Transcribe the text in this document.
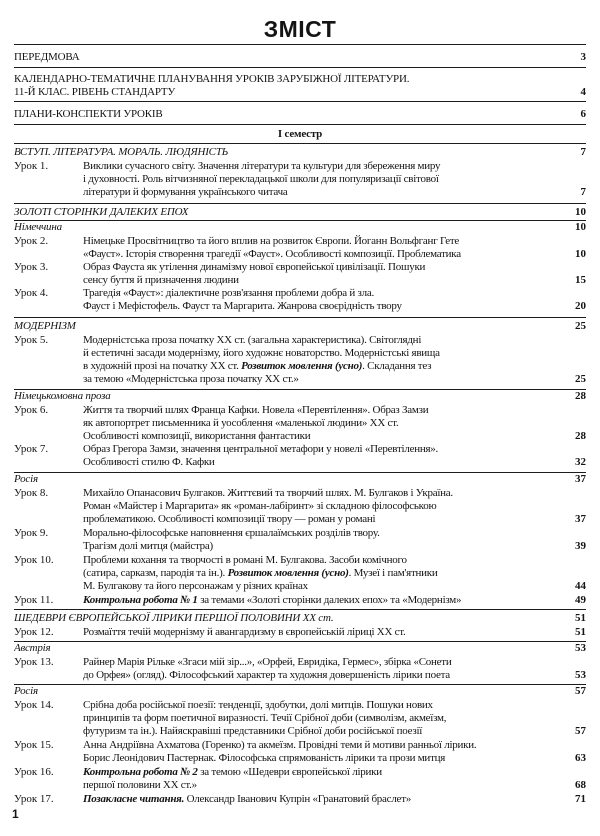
ЗМІСТ
ПЕРЕДМОВА	3
КАЛЕНДАРНО-ТЕМАТИЧНЕ ПЛАНУВАННЯ УРОКІВ ЗАРУБІЖНОЇ ЛІТЕРАТУРИ.
11-Й КЛАС. РІВЕНЬ СТАНДАРТУ	4
ПЛАНИ-КОНСПЕКТИ УРОКІВ	6
I семестр
ВСТУП. ЛІТЕРАТУРА. МОРАЛЬ. ЛЮДЯНІСТЬ	7
Урок 1.	Виклики сучасного світу. Значення літератури та культури для збереження миру
і духовності. Роль вітчизняної перекладацької школи для популяризації світової
літератури й формування українського читача	7
ЗОЛОТІ СТОРІНКИ ДАЛЕКИХ ЕПОХ	10
Німеччина	10
Урок 2.	Німецьке Просвітництво та його вплив на розвиток Європи. Йоганн Вольфганг Гете
«Фауст». Історія створення трагедії «Фауст». Особливості композиції. Проблематика	10
Урок 3.	Образ Фауста як утілення динамізму нової європейської цивілізації. Пошуки
сенсу буття й призначення людини	15
Урок 4.	Трагедія «Фауст»: діалектичне розв'язання проблеми добра й зла.
Фауст і Мефістофель. Фауст та Маргарита. Жанрова своєрідність твору	20
МОДЕРНІЗМ	25
Урок 5.	Модерністська проза початку XX ст. (загальна характеристика). Світоглядні
й естетичні засади модернізму, його художнє новаторство. Модерністські явища
в художній прозі на початку XX ст. Розвиток мовлення (усно). Складання тез
за темою «Модерністська проза початку XX ст.»	25
Німецькомовна проза	28
Урок 6.	Життя та творчий шлях Франца Кафки. Новела «Перевтілення». Образ Замзи
як автопортрет письменника й уособлення «маленької людини» XX ст.
Особливості композиції, використання фантастики	28
Урок 7.	Образ Грегора Замзи, значення центральної метафори у новелі «Перевтілення».
Особливості стилю Ф. Кафки	32
Росія	37
Урок 8.	Михайло Опанасович Булгаков. Життєвий та творчий шлях. М. Булгаков і Україна.
Роман «Майстер і Маргарита» як «роман-лабіринт» зі складною філософською
проблематикою. Особливості композиції твору — роман у романі	37
Урок 9.	Морально-філософське наповнення єршалаїмських розділів твору.
Трагізм долі митця (майстра)	39
Урок 10.	Проблеми кохання та творчості в романі М. Булгакова. Засоби комічного
(сатира, сарказм, пародія та ін.). Розвиток мовлення (усно). Музеї і пам'ятники
М. Булгакову та його персонажам у різних країнах	44
Урок 11.	Контрольна робота № 1 за темами «Золоті сторінки далеких епох» та «Модернізм»	49
ШЕДЕВРИ ЄВРОПЕЙСЬКОЇ ЛІРИКИ ПЕРШОЇ ПОЛОВИНИ XX ст.	51
Урок 12.	Розмаїття течій модернізму й авангардизму в європейській ліриці XX ст.	51
Австрія	53
Урок 13.	Райнер Марія Рільке «Згаси мій зір...», «Орфей, Евридіка, Гермес», збірка «Сонети
до Орфея» (огляд). Філософський характер та художня довершеність лірики поета	53
Росія	57
Урок 14.	Срібна доба російської поезії: тенденції, здобутки, долі митців. Пошуки нових
принципів та форм поетичної виразності. Течії Срібної доби (символізм, акмеїзм,
футуризм та ін.). Найяскравіші представники Срібної доби російської поезії	57
Урок 15.	Анна Андріївна Ахматова (Горенко) та акмеїзм. Провідні теми й мотиви ранньої лірики.
Борис Леонідович Пастернак. Філософська спрямованість лірики та прози митця	63
Урок 16.	Контрольна робота № 2 за темою «Шедеври європейської лірики
першої половини XX ст.»	68
Урок 17.	Позакласне читання. Олександр Іванович Купрін «Гранатовий браслет»	71
1
